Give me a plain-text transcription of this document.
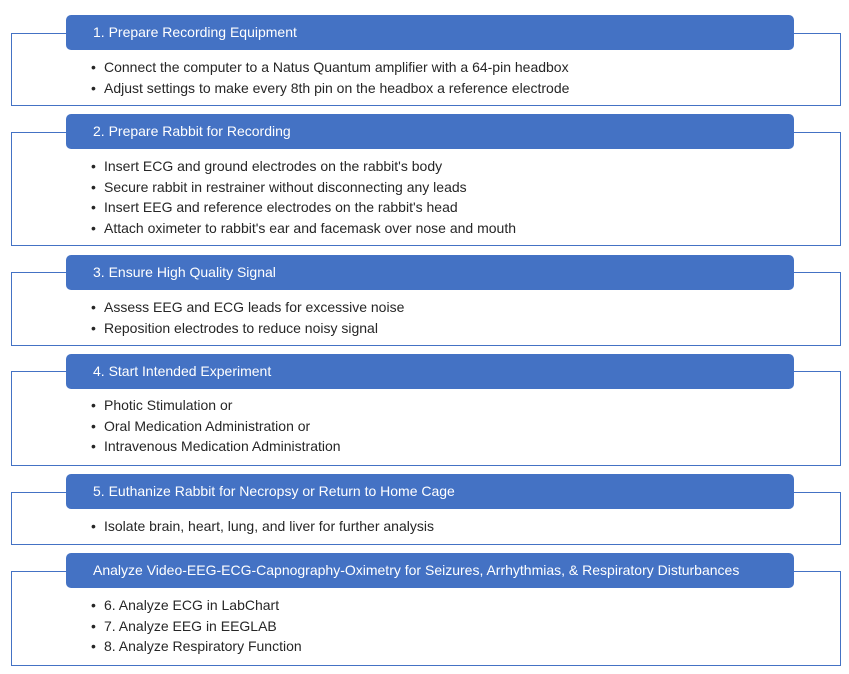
1. Prepare Recording Equipment
• Connect the computer to a Natus Quantum amplifier with a 64-pin headbox
• Adjust settings to make every 8th pin on the headbox a reference electrode
2. Prepare Rabbit for Recording
• Insert ECG and ground electrodes on the rabbit's body
• Secure rabbit in restrainer without disconnecting any leads
• Insert EEG and reference electrodes on the rabbit's head
• Attach oximeter to rabbit's ear and facemask over nose and mouth
3. Ensure High Quality Signal
• Assess EEG and ECG leads for excessive noise
• Reposition electrodes to reduce noisy signal
4. Start Intended Experiment
• Photic Stimulation or
• Oral Medication Administration or
• Intravenous Medication Administration
5. Euthanize Rabbit for Necropsy or Return to Home Cage
• Isolate brain, heart, lung, and liver for further analysis
Analyze Video-EEG-ECG-Capnography-Oximetry for Seizures, Arrhythmias, & Respiratory Disturbances
• 6. Analyze ECG in LabChart
• 7. Analyze EEG in EEGLAB
• 8. Analyze Respiratory Function
